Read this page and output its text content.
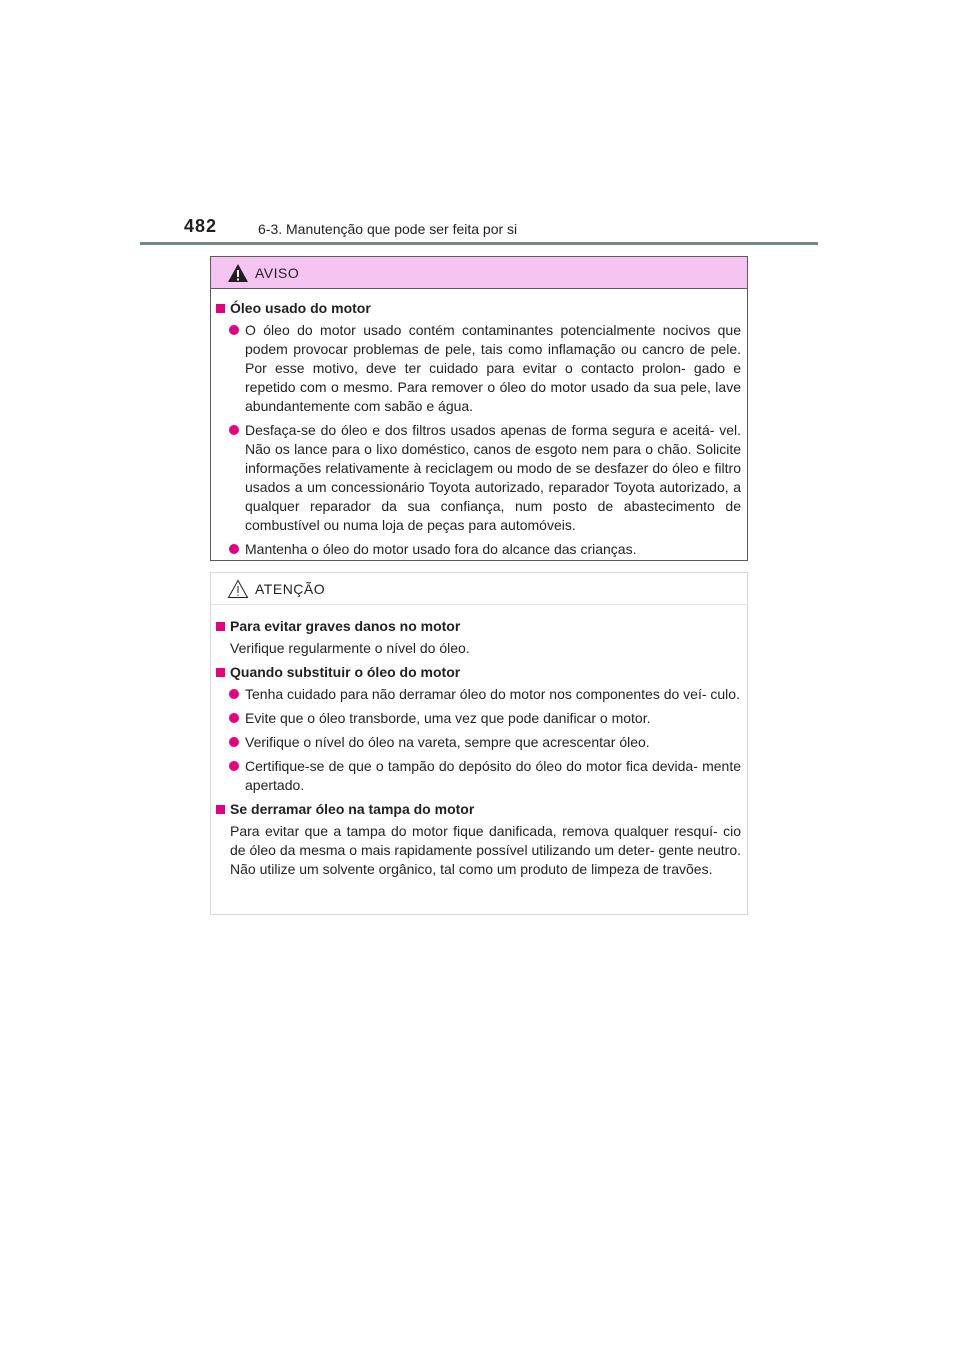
482	6-3. Manutenção que pode ser feita por si
AVISO
Óleo usado do motor
O óleo do motor usado contém contaminantes potencialmente nocivos que podem provocar problemas de pele, tais como inflamação ou cancro de pele. Por esse motivo, deve ter cuidado para evitar o contacto prolon- gado e repetido com o mesmo. Para remover o óleo do motor usado da sua pele, lave abundantemente com sabão e água.
Desfaça-se do óleo e dos filtros usados apenas de forma segura e aceitá- vel. Não os lance para o lixo doméstico, canos de esgoto nem para o chão. Solicite informações relativamente à reciclagem ou modo de se desfazer do óleo e filtro usados a um concessionário Toyota autorizado, reparador Toyota autorizado, a qualquer reparador da sua confiança, num posto de abastecimento de combustível ou numa loja de peças para automóveis.
Mantenha o óleo do motor usado fora do alcance das crianças.
ATENÇÃO
Para evitar graves danos no motor
Verifique regularmente o nível do óleo.
Quando substituir o óleo do motor
Tenha cuidado para não derramar óleo do motor nos componentes do veí- culo.
Evite que o óleo transborde, uma vez que pode danificar o motor.
Verifique o nível do óleo na vareta, sempre que acrescentar óleo.
Certifique-se de que o tampão do depósito do óleo do motor fica devida- mente apertado.
Se derramar óleo na tampa do motor
Para evitar que a tampa do motor fique danificada, remova qualquer resquí- cio de óleo da mesma o mais rapidamente possível utilizando um deter- gente neutro. Não utilize um solvente orgânico, tal como um produto de limpeza de travões.
